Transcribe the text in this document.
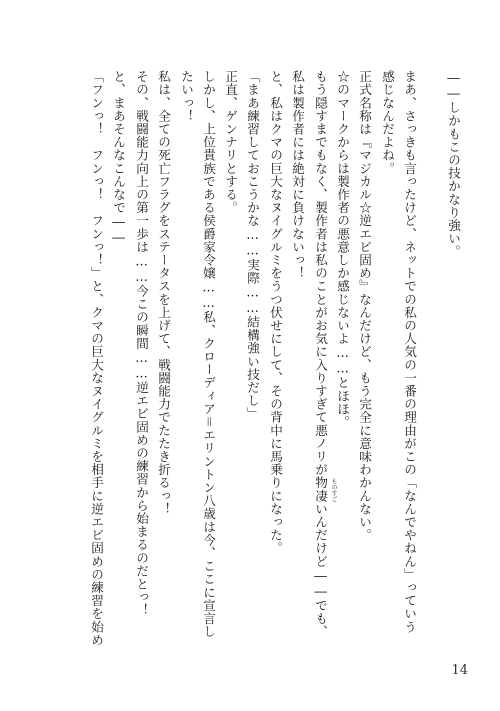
――しかもこの技かなり強い。
まあ、さっきも言ったけど、ネットでの私の人気の一番の理由がこの「なんでやねん」っていう
感じなんだよね。
正式名称は『マジカル☆逆エビ固め』なんだけど、もう完全に意味わかんない。
☆のマークからは製作者の悪意しか感じないよ……とほほ。
もう隠すまでもなく、製作者は私のことがお気に入りすぎて悪ノリが物凄いんだけど――でも、 ものすご
私は製作者には絶対に負けないっ！
と、私はクマの巨大なヌイグルミをうつ伏せにして、その背中に馬乗りになった。
「まあ練習しておこうかな……実際……結構強い技だし」
正直、ゲンナリとする。
しかし、上位貴族である侯爵家令嬢……私、クローディア＝エリントン八歳は今、ここに宣言し
たいっ！
私は、全ての死亡フラグをステータスを上げて、戦闘能力でたたき折るっ！
その、戦闘能力向上の第一歩は……今この瞬間……逆エビ固めの練習から始まるのだとっ！
と、まあそんなこんなで――
「フンっ！　フンっ！　フンっ！」と、クマの巨大なヌイグルミを相手に逆エビ固めの練習を始め
14
